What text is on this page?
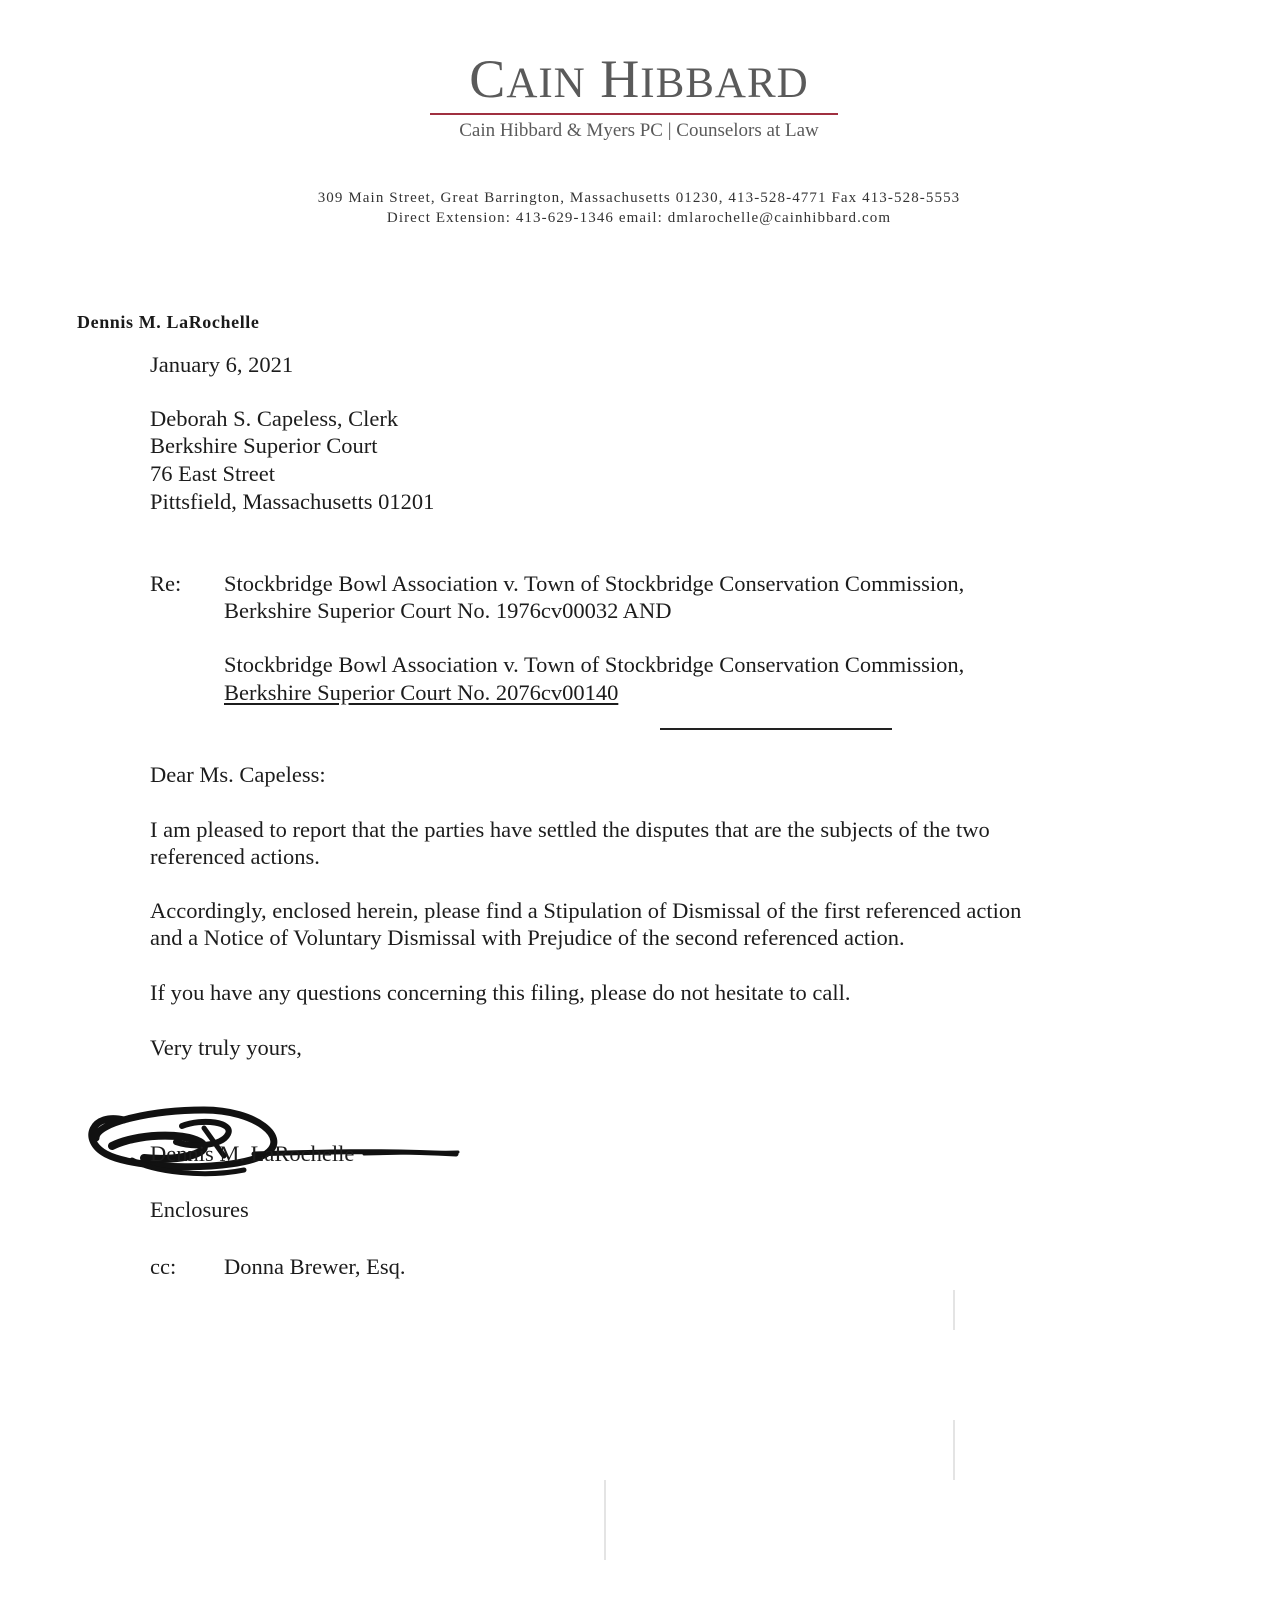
CAIN HIBBARD
Cain Hibbard & Myers PC | Counselors at Law
309 Main Street, Great Barrington, Massachusetts 01230, 413-528-4771 Fax 413-528-5553
Direct Extension: 413-629-1346 email: dmlarochelle@cainhibbard.com
Dennis M. LaRochelle
January 6, 2021
Deborah S. Capeless, Clerk
Berkshire Superior Court
76 East Street
Pittsfield, Massachusetts 01201
Re: Stockbridge Bowl Association v. Town of Stockbridge Conservation Commission,
Berkshire Superior Court No. 1976cv00032 AND
Stockbridge Bowl Association v. Town of Stockbridge Conservation Commission,
Berkshire Superior Court No. 2076cv00140
Dear Ms. Capeless:
I am pleased to report that the parties have settled the disputes that are the subjects of the two
referenced actions.
Accordingly, enclosed herein, please find a Stipulation of Dismissal of the first referenced action
and a Notice of Voluntary Dismissal with Prejudice of the second referenced action.
If you have any questions concerning this filing, please do not hesitate to call.
Very truly yours,
Dennis M. LaRochelle
Enclosures
cc: Donna Brewer, Esq.
